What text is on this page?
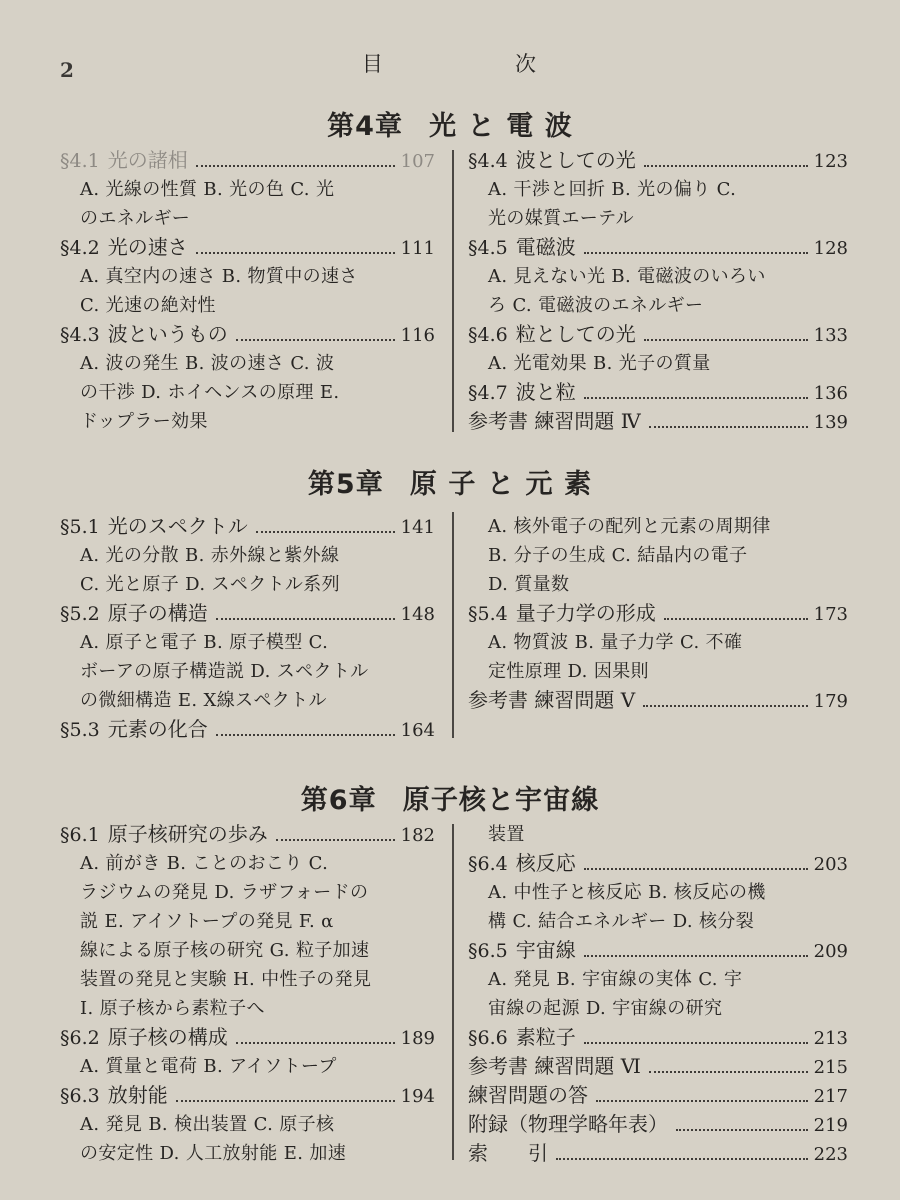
2	目	次
第4章 光 と 電 波
§4.1 光の諸相	107
A. 光線の性質 B. 光の色 C. 光
のエネルギー
§4.2 光の速さ	111
A. 真空内の速さ B. 物質中の速さ
C. 光速の絶対性
§4.3 波というもの	116
A. 波の発生 B. 波の速さ C. 波
の干渉 D. ホイヘンスの原理 E.
ドップラー効果
§4.4 波としての光	123
A. 干渉と回折 B. 光の偏り C.
光の媒質エーテル
§4.5 電磁波	128
A. 見えない光 B. 電磁波のいろい
ろ C. 電磁波のエネルギー
§4.6 粒としての光	133
A. 光電効果 B. 光子の質量
§4.7 波と粒	136
参考書 練習問題 Ⅳ	139
第5章 原 子 と 元 素
§5.1 光のスペクトル	141
A. 光の分散 B. 赤外線と紫外線
C. 光と原子 D. スペクトル系列
§5.2 原子の構造	148
A. 原子と電子 B. 原子模型 C.
ボーアの原子構造説 D. スペクトル
の微細構造 E. X線スペクトル
§5.3 元素の化合	164
A. 核外電子の配列と元素の周期律
B. 分子の生成 C. 結晶内の電子
D. 質量数
§5.4 量子力学の形成	173
A. 物質波 B. 量子力学 C. 不確
定性原理 D. 因果則
参考書 練習問題 Ⅴ	179
第6章 原子核と宇宙線
§6.1 原子核研究の歩み	182
A. 前がき B. ことのおこり C.
ラジウムの発見 D. ラザフォードの
説 E. アイソトープの発見 F. α
線による原子核の研究 G. 粒子加速
装置の発見と実験 H. 中性子の発見
I. 原子核から素粒子へ
§6.2 原子核の構成	189
A. 質量と電荷 B. アイソトープ
§6.3 放射能	194
A. 発見 B. 検出装置 C. 原子核
の安定性 D. 人工放射能 E. 加速
装置
§6.4 核反応	203
A. 中性子と核反応 B. 核反応の機
構 C. 結合エネルギー D. 核分裂
§6.5 宇宙線	209
A. 発見 B. 宇宙線の実体 C. 宇
宙線の起源 D. 宇宙線の研究
§6.6 素粒子	213
参考書 練習問題 Ⅵ	215
練習問題の答	217
附録（物理学略年表）	219
索　　引	223
